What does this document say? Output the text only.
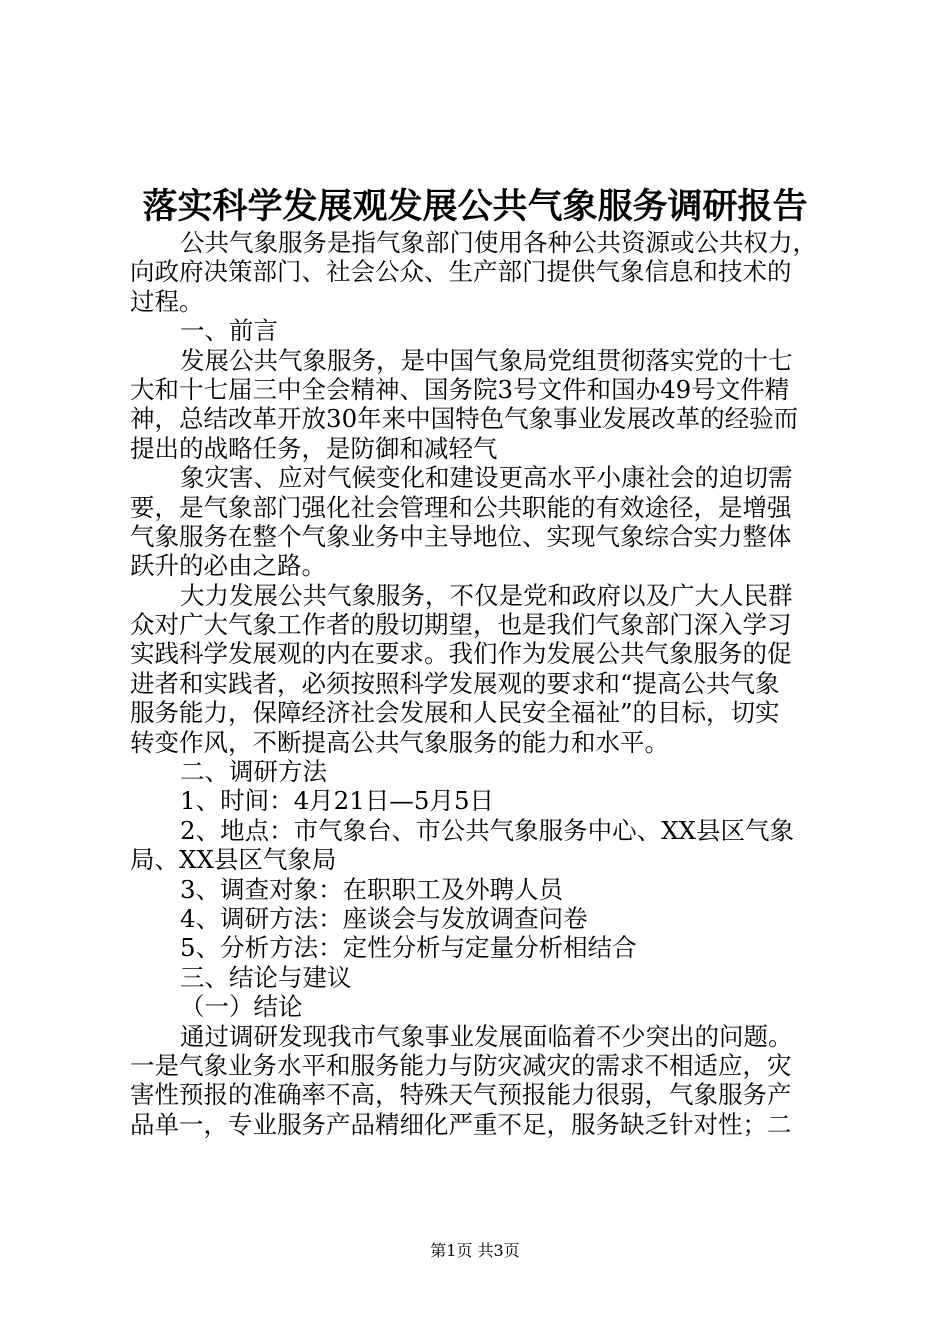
落实科学发展观发展公共气象服务调研报告
公共气象服务是指气象部门使用各种公共资源或公共权力，
向政府决策部门、社会公众、生产部门提供气象信息和技术的
过程。
一、前言
发展公共气象服务，是中国气象局党组贯彻落实党的十七
大和十七届三中全会精神、国务院3号文件和国办49号文件精
神，总结改革开放30年来中国特色气象事业发展改革的经验而
提出的战略任务，是防御和减轻气
象灾害、应对气候变化和建设更高水平小康社会的迫切需
要，是气象部门强化社会管理和公共职能的有效途径，是增强
气象服务在整个气象业务中主导地位、实现气象综合实力整体
跃升的必由之路。
大力发展公共气象服务，不仅是党和政府以及广大人民群
众对广大气象工作者的殷切期望，也是我们气象部门深入学习
实践科学发展观的内在要求。我们作为发展公共气象服务的促
进者和实践者，必须按照科学发展观的要求和“提高公共气象
服务能力，保障经济社会发展和人民安全福祉”的目标，切实
转变作风，不断提高公共气象服务的能力和水平。
二、调研方法
1、时间：4月21日—5月5日
2、地点：市气象台、市公共气象服务中心、XX县区气象
局、XX县区气象局
3、调查对象：在职职工及外聘人员
4、调研方法：座谈会与发放调查问卷
5、分析方法：定性分析与定量分析相结合
三、结论与建议
（一）结论
通过调研发现我市气象事业发展面临着不少突出的问题。
一是气象业务水平和服务能力与防灾减灾的需求不相适应，灾
害性预报的准确率不高，特殊天气预报能力很弱，气象服务产
品单一，专业服务产品精细化严重不足，服务缺乏针对性；二
第1页 共3页
